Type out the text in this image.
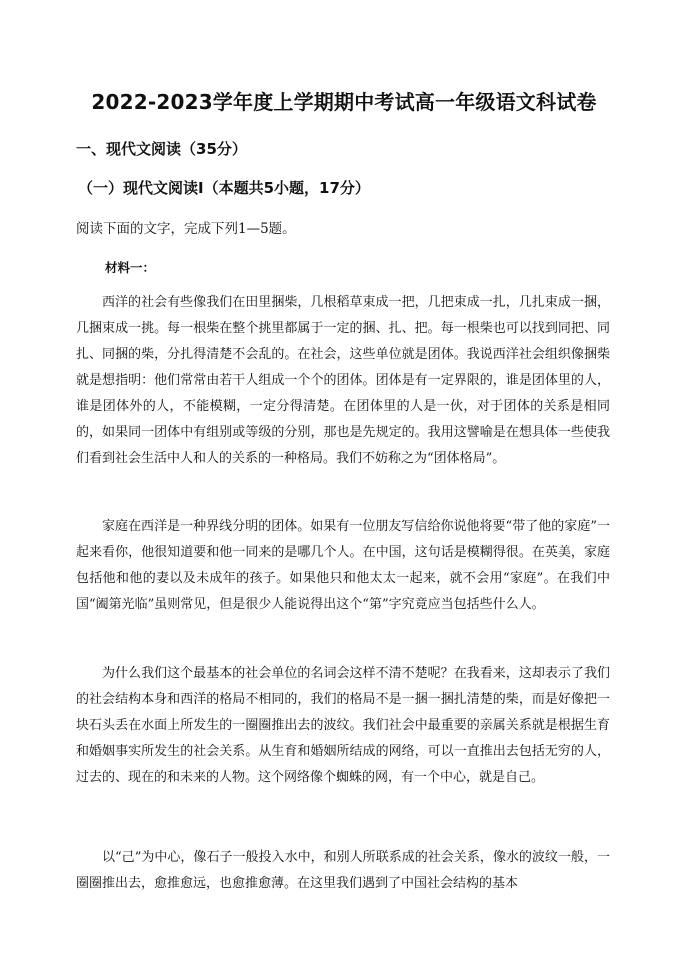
2022-2023学年度上学期期中考试高一年级语文科试卷
一、现代文阅读（35分）
（一）现代文阅读Ⅰ（本题共5小题，17分）
阅读下面的文字，完成下列1—5题。
材料一：
西洋的社会有些像我们在田里捆柴，几根稻草束成一把，几把束成一扎，几扎束成一捆，几捆束成一挑。每一根柴在整个挑里都属于一定的捆、扎、把。每一根柴也可以找到同把、同扎、同捆的柴，分扎得清楚不会乱的。在社会，这些单位就是团体。我说西洋社会组织像捆柴就是想指明：他们常常由若干人组成一个个的团体。团体是有一定界限的，谁是团体里的人，谁是团体外的人，不能模糊，一定分得清楚。在团体里的人是一伙，对于团体的关系是相同的，如果同一团体中有组别或等级的分别，那也是先规定的。我用这譬喻是在想具体一些使我们看到社会生活中人和人的关系的一种格局。我们不妨称之为“团体格局”。
家庭在西洋是一种界线分明的团体。如果有一位朋友写信给你说他将要“带了他的家庭”一起来看你，他很知道要和他一同来的是哪几个人。在中国，这句话是模糊得很。在英美，家庭包括他和他的妻以及未成年的孩子。如果他只和他太太一起来，就不会用“家庭”。在我们中国“阖第光临”虽则常见，但是很少人能说得出这个“第”字究竟应当包括些什么人。
为什么我们这个最基本的社会单位的名词会这样不清不楚呢？在我看来，这却表示了我们的社会结构本身和西洋的格局不相同的，我们的格局不是一捆一捆扎清楚的柴，而是好像把一块石头丢在水面上所发生的一圈圈推出去的波纹。我们社会中最重要的亲属关系就是根据生育和婚姻事实所发生的社会关系。从生育和婚姻所结成的网络，可以一直推出去包括无穷的人，过去的、现在的和未来的人物。这个网络像个蜘蛛的网，有一个中心，就是自己。
以“己”为中心，像石子一般投入水中，和别人所联系成的社会关系，像水的波纹一般，一圈圈推出去，愈推愈远，也愈推愈薄。在这里我们遇到了中国社会结构的基本
